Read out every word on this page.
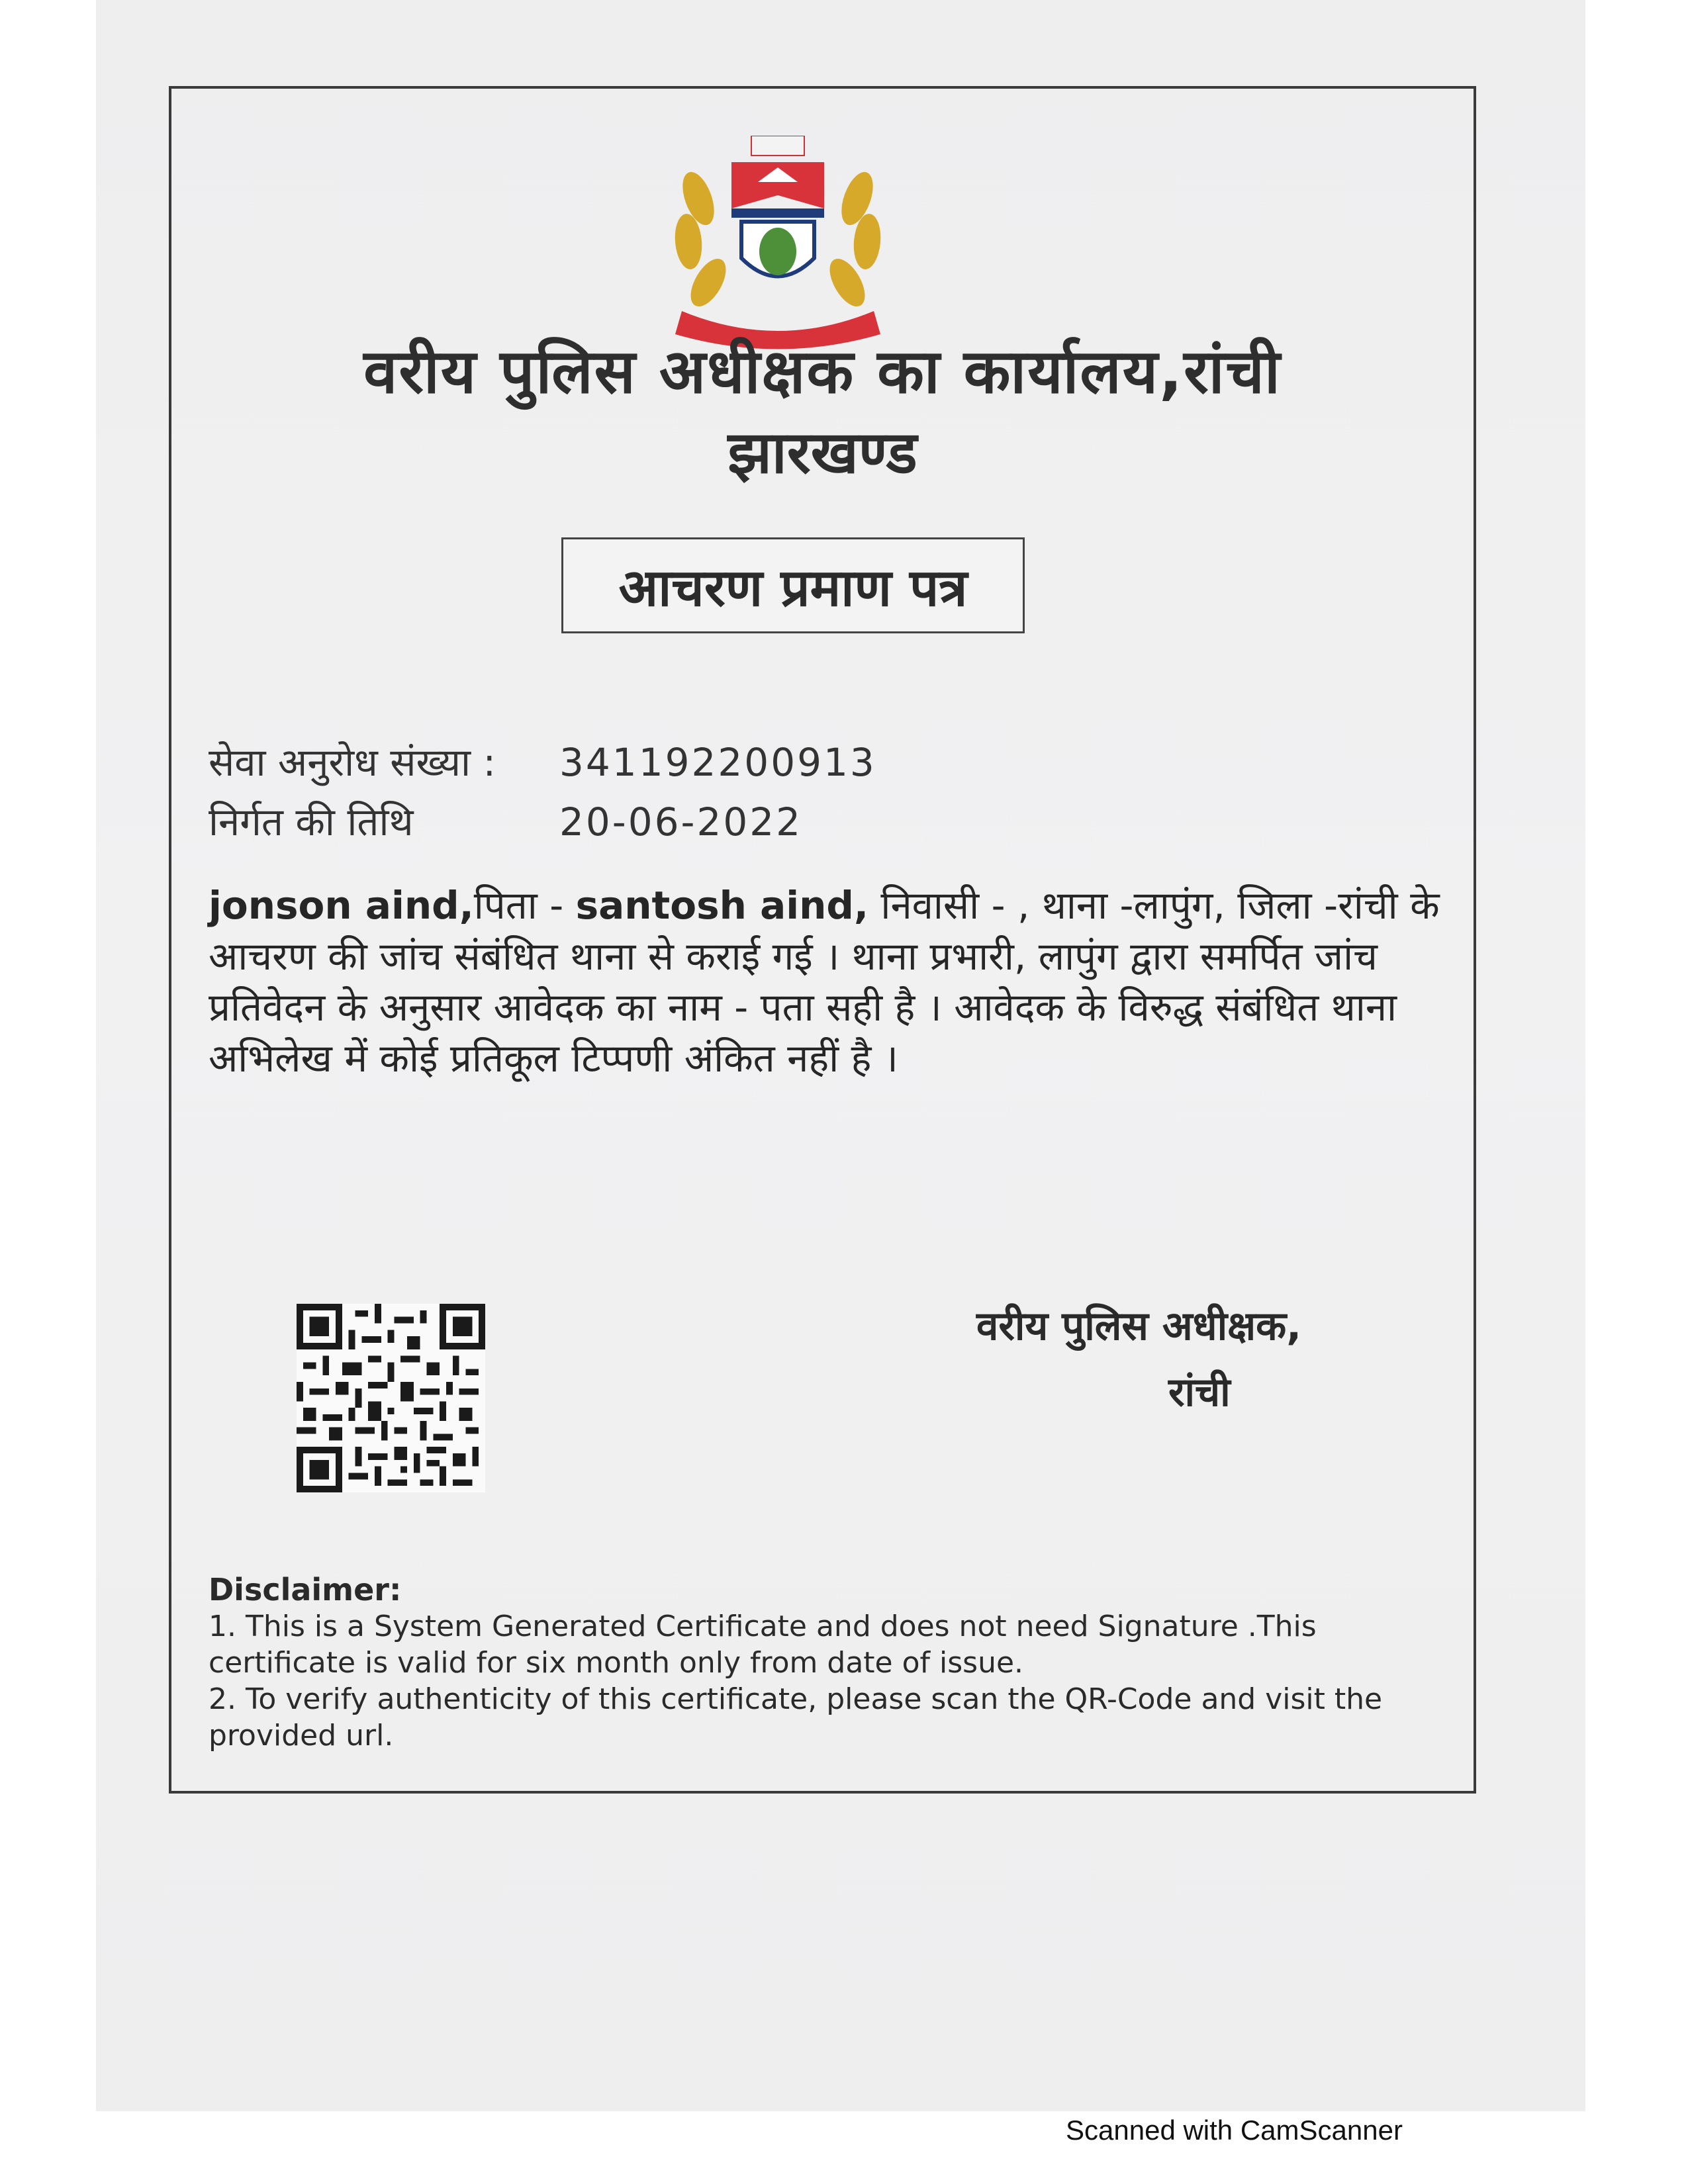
वरीय पुलिस अधीक्षक का कार्यालय,रांची
झारखण्ड
आचरण प्रमाण पत्र
सेवा अनुरोध संख्या : 341192200913
निर्गत की तिथि	20-06-2022
jonson aind,पिता - santosh aind, निवासी - , थाना -लापुंग, जिला -रांची के आचरण की जांच संबंधित थाना से कराई गई । थाना प्रभारी, लापुंग द्वारा समर्पित जांच प्रतिवेदन के अनुसार आवेदक का नाम - पता सही है । आवेदक के विरुद्ध संबंधित थाना अभिलेख में कोई प्रतिकूल टिप्पणी अंकित नहीं है ।
वरीय पुलिस अधीक्षक,
रांची
Disclaimer:
1. This is a System Generated Certificate and does not need Signature .This certificate is valid for six month only from date of issue.
2. To verify authenticity of this certificate, please scan the QR-Code and visit the provided url.
Scanned with CamScanner
